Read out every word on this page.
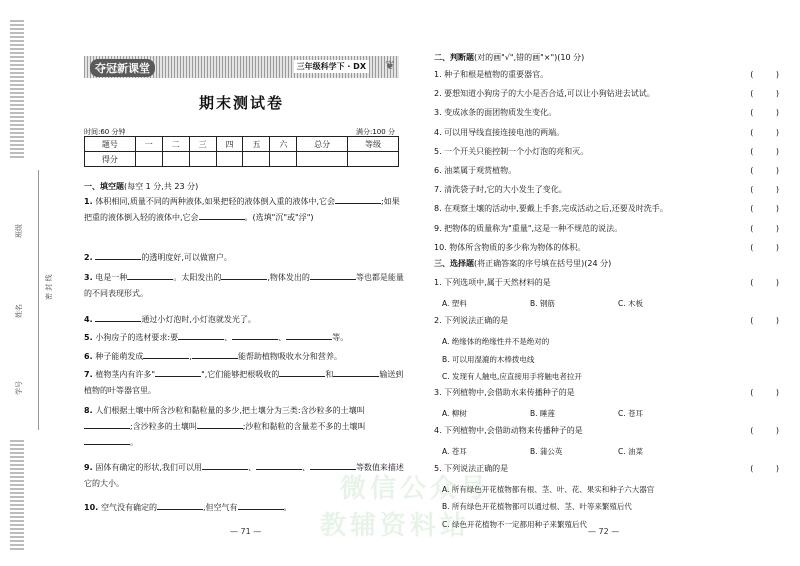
班级
姓名
学号
密 封 线
夺冠新课堂	三年级科学下 · DX ❦
期末测试卷
时间:60 分钟	满分:100 分
题号	一	二	三	四	五	六	总分	等级
得分								
一、填空题(每空 1 分,共 23 分)
1. 体积相同,质量不同的两种液体,如果把轻的液体倒入重的液体中,它会	;如果把重的液体倒入轻的液体中,它会	。(选填"沉"或"浮")
2.	的透明度好,可以做窗户。
3. 电是一种	。太阳发出的	,物体发出的	等也都是能量的不同表现形式。
4.	通过小灯泡时,小灯泡就发光了。
5. 小狗房子的选材要求:要	、	、	等。
6. 种子能萌发成	,	能帮助植物吸收水分和营养。
7. 植物茎内有许多"	",它们能够把根吸收的	和	输送到植物的叶等器官里。
8. 人们根据土壤中所含沙粒和黏粒量的多少,把土壤分为三类:含沙粒多的土壤叫;含沙粒多的土壤叫	;沙粒和黏粒的含量差不多的土壤叫。
9. 固体有确定的形状,我们可以用	、	、	等数值来描述它的大小。
10. 空气没有确定的	,但空气有	。
— 71 —
二、判断题(对的画"√",错的画"×")(10 分)
1. 种子和根是植物的重要器官。	( )
2. 要想知道小狗房子的大小是否合适,可以让小狗钻进去试试。	( )
3. 变成冰条的面团物质发生变化。	( )
4. 可以用导线直接连接电池的两端。	( )
5. 一个开关只能控制一个小灯泡的亮和灭。	( )
6. 油菜属于观赏植物。	( )
7. 清洗袋子时,它的大小发生了变化。	( )
8. 在观察土壤的活动中,要戴上手套,完成活动之后,还要及时洗手。	( )
9. 把物体的质量称为"重量",这是一种不规范的说法。	( )
10. 物体所含物质的多少称为物体的体积。	( )
三、选择题(将正确答案的序号填在括号里)(24 分)
1. 下列选项中,属于天然材料的是	( )
A. 塑料	B. 钢筋	C. 木板
2. 下列说法正确的是	( )
A. 绝缘体的绝缘性并不是绝对的
B. 可以用湿漉的木棒拨电线
C. 发现有人触电,应直接用手将触电者拉开
3. 下列植物中,会借助水来传播种子的是	( )
A. 柳树	B. 睡莲	C. 苍耳
4. 下列植物中,会借助动物来传播种子的是	( )
A. 苍耳	B. 蒲公英	C. 油菜
5. 下列说法正确的是	( )
A. 所有绿色开花植物都有根、茎、叶、花、果实和种子六大器官
B. 所有绿色开花植物都可以通过根、茎、叶等来繁殖后代
C. 绿色开花植物不一定都用种子来繁殖后代
— 72 —
微信公众号
教辅资料站
